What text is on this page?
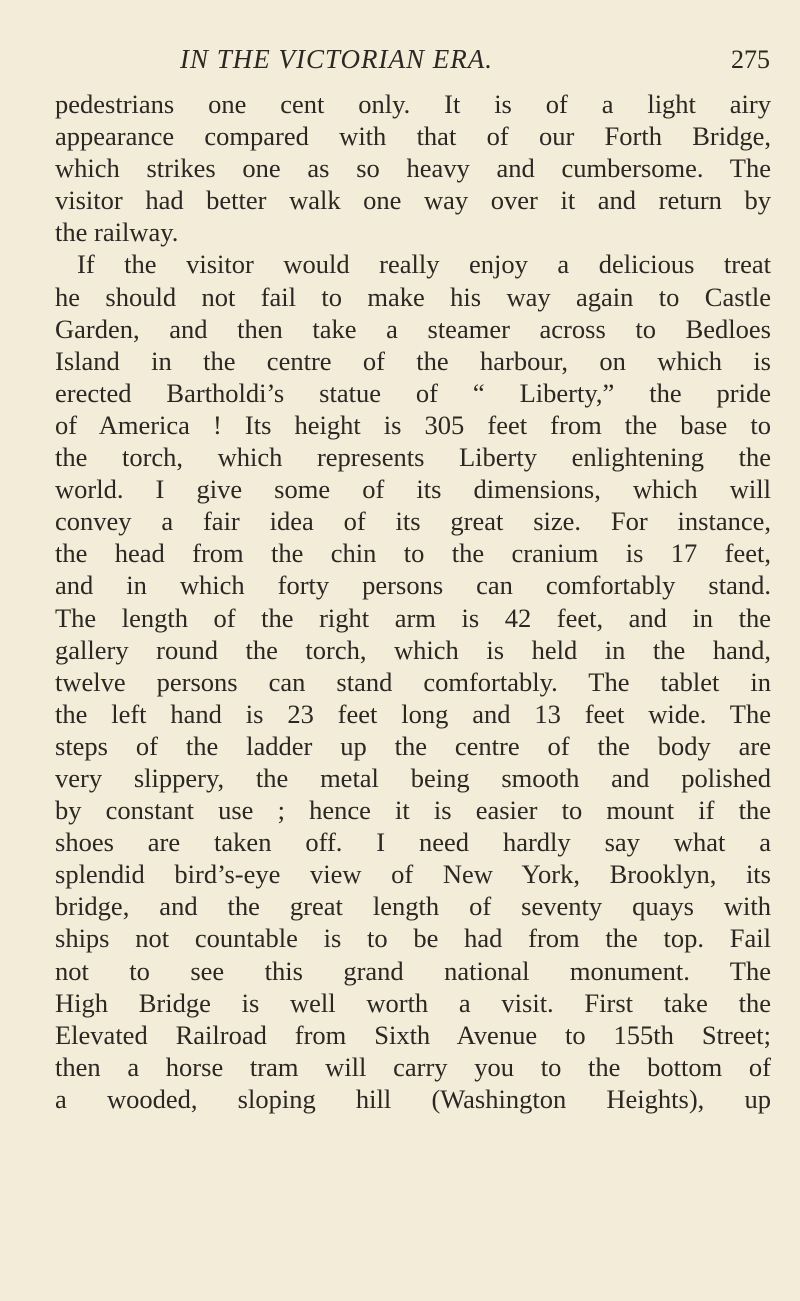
IN THE VICTORIAN ERA.	275
pedestrians one cent only. It is of a light airy
appearance compared with that of our Forth Bridge,
which strikes one as so heavy and cumbersome. The
visitor had better walk one way over it and return by
the railway.
If the visitor would really enjoy a delicious treat
he should not fail to make his way again to Castle
Garden, and then take a steamer across to Bedloes
Island in the centre of the harbour, on which is
erected Bartholdi’s statue of “ Liberty,” the pride
of America ! Its height is 305 feet from the base to
the torch, which represents Liberty enlightening the
world. I give some of its dimensions, which will
convey a fair idea of its great size. For instance,
the head from the chin to the cranium is 17 feet,
and in which forty persons can comfortably stand.
The length of the right arm is 42 feet, and in the
gallery round the torch, which is held in the hand,
twelve persons can stand comfortably. The tablet in
the left hand is 23 feet long and 13 feet wide. The
steps of the ladder up the centre of the body are
very slippery, the metal being smooth and polished
by constant use ; hence it is easier to mount if the
shoes are taken off. I need hardly say what a
splendid bird’s-eye view of New York, Brooklyn, its
bridge, and the great length of seventy quays with
ships not countable is to be had from the top. Fail
not to see this grand national monument. The
High Bridge is well worth a visit. First take the
Elevated Railroad from Sixth Avenue to 155th Street;
then a horse tram will carry you to the bottom of
a wooded, sloping hill (Washington Heights), up
